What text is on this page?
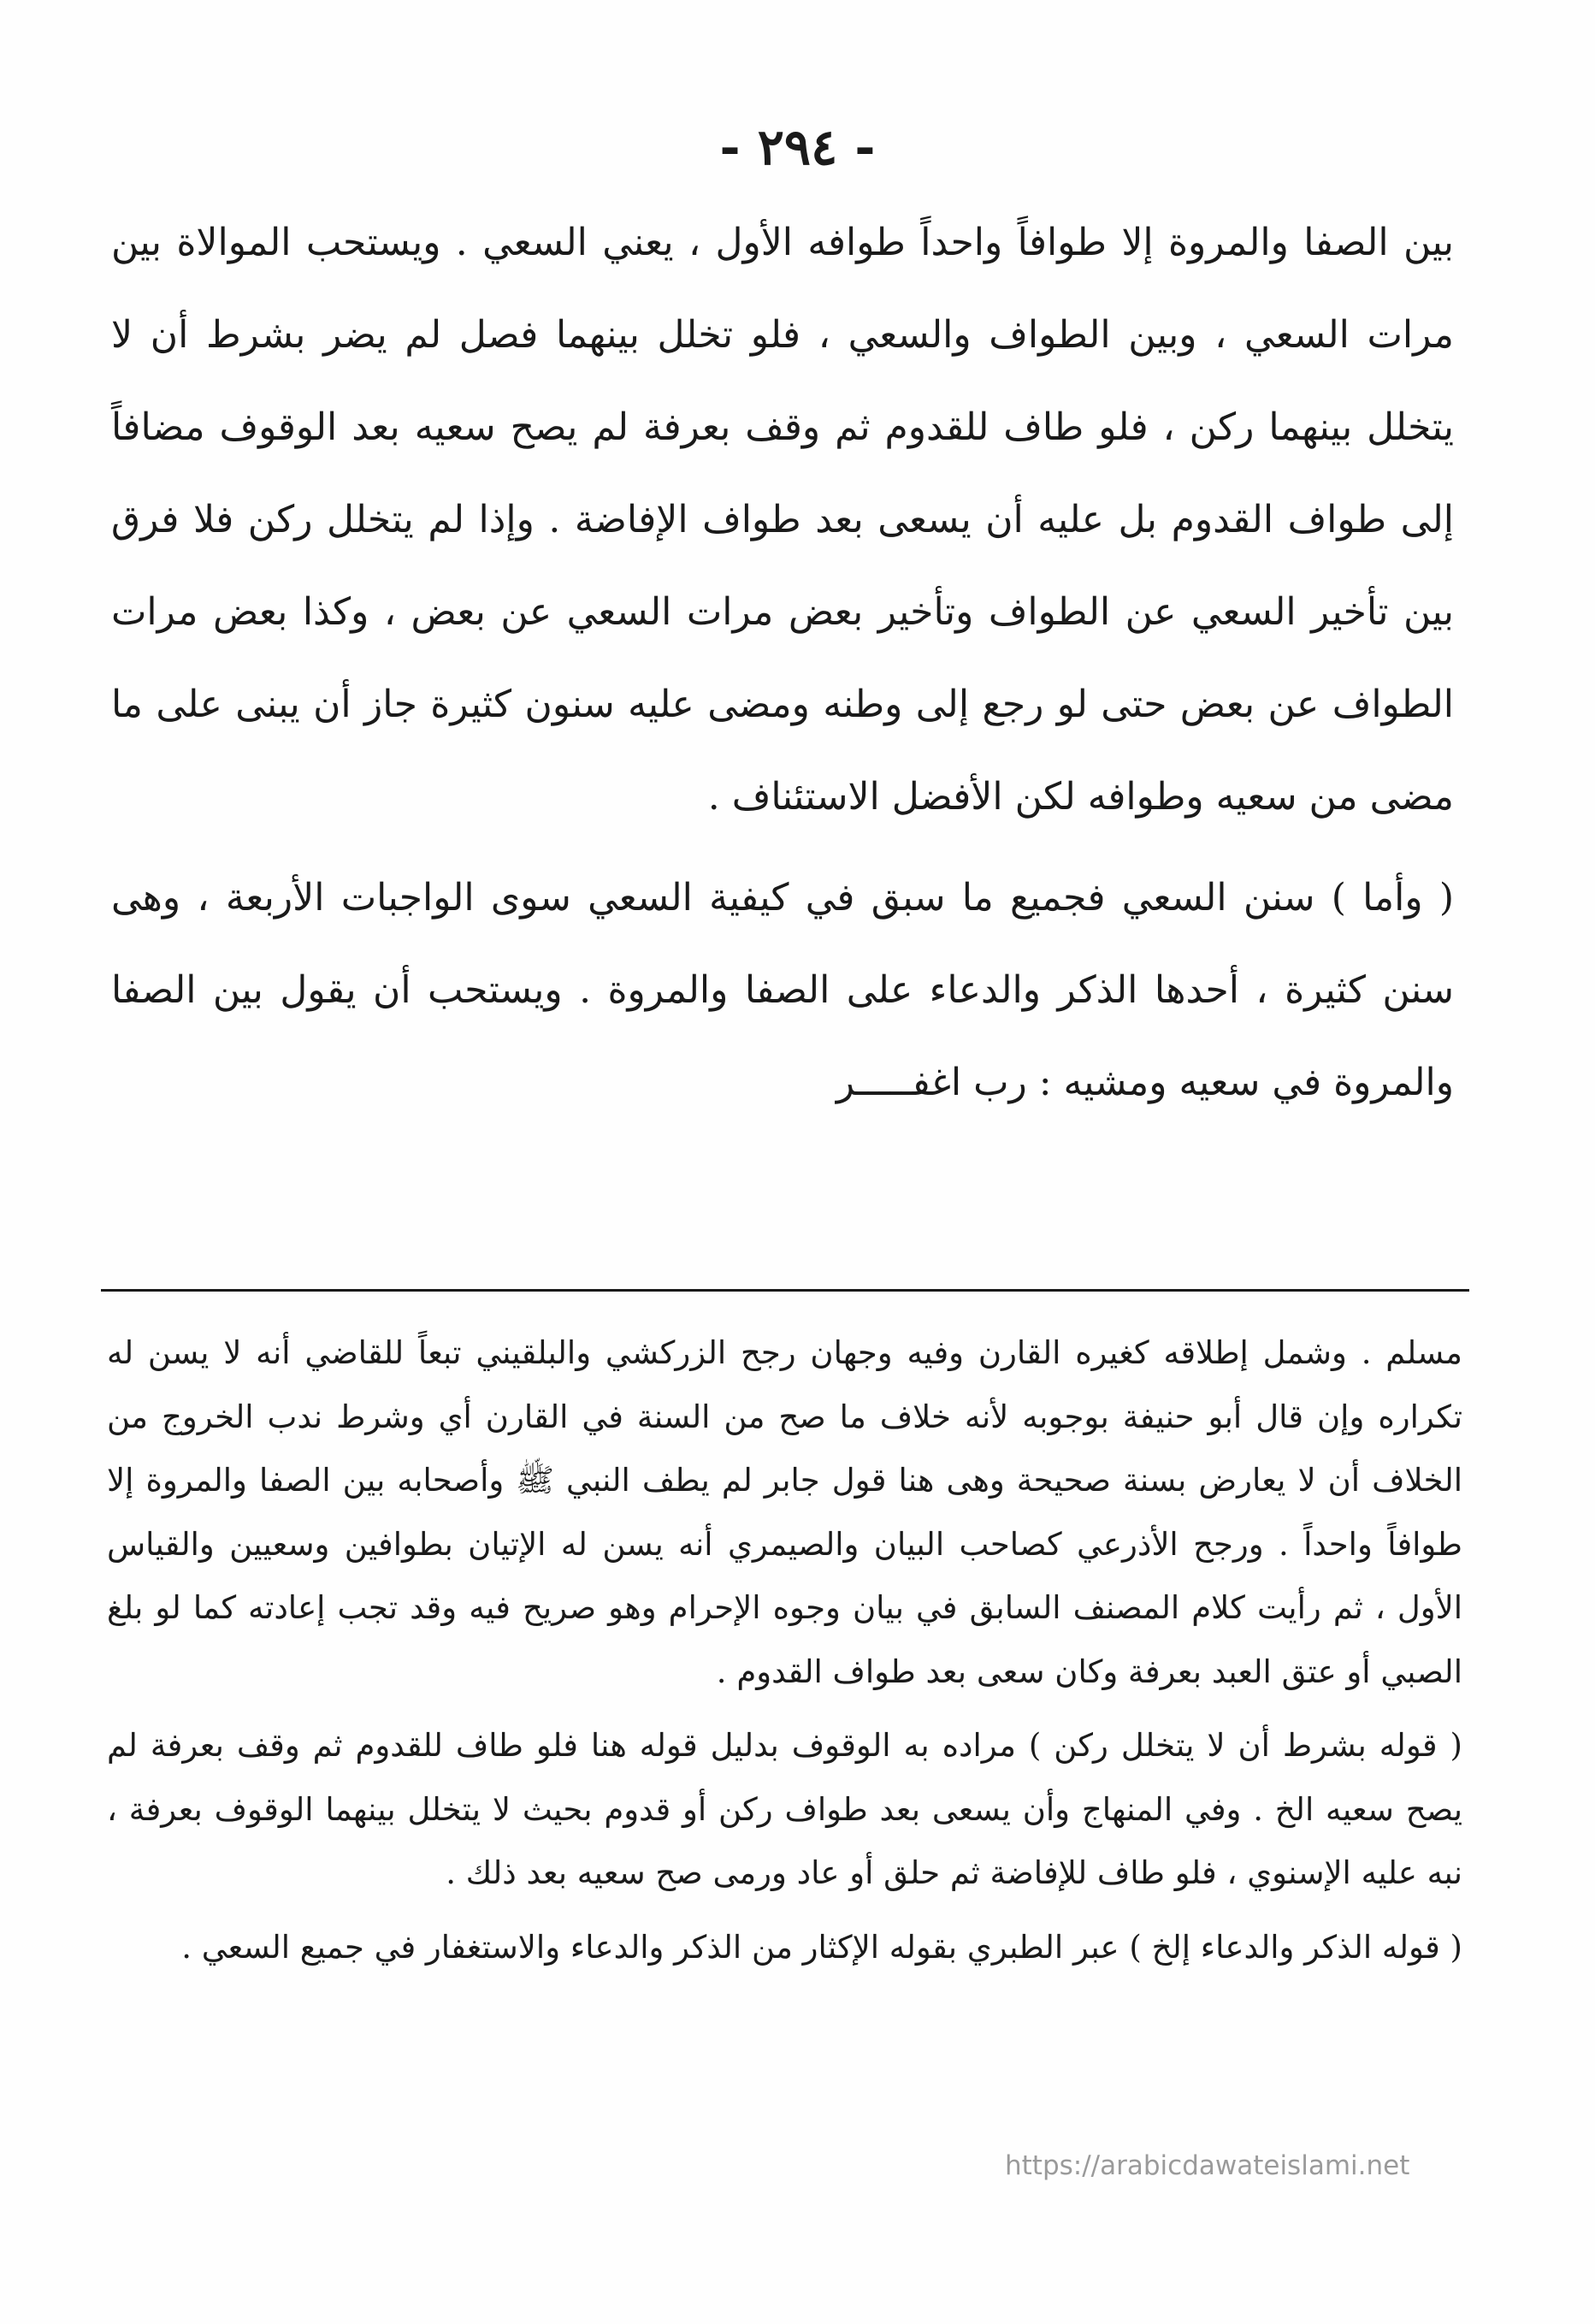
- ٢٩٤ -

بين الصفا والمروة إلا طوافاً واحداً طوافه الأول ، يعني السعي . ويستحب الموالاة بين مرات السعي ، وبين الطواف والسعي ، فلو تخلل بينهما فصل لم يضر بشرط أن لا يتخلل بينهما ركن ، فلو طاف للقدوم ثم وقف بعرفة لم يصح سعيه بعد الوقوف مضافاً إلى طواف القدوم بل عليه أن يسعى بعد طواف الإفاضة . وإذا لم يتخلل ركن فلا فرق بين تأخير السعي عن الطواف وتأخير بعض مرات السعي عن بعض ، وكذا بعض مرات الطواف عن بعض حتى لو رجع إلى وطنه ومضى عليه سنون كثيرة جاز أن يبنى على ما مضى من سعيه وطوافه لكن الأفضل الاستئناف .

( وأما ) سنن السعي فجميع ما سبق في كيفية السعي سوى الواجبات الأربعة ، وهى سنن كثيرة ، أحدها الذكر والدعاء على الصفا والمروة . ويستحب أن يقول بين الصفا والمروة في سعيه ومشيه : رب اغفـــــر

مسلم . وشمل إطلاقه كغيره القارن وفيه وجهان رجح الزركشي والبلقيني تبعاً للقاضي أنه لا يسن له تكراره وإن قال أبو حنيفة بوجوبه لأنه خلاف ما صح من السنة في القارن أي وشرط ندب الخروج من الخلاف أن لا يعارض بسنة صحيحة وهى هنا قول جابر لم يطف النبي ﷺ وأصحابه بين الصفا والمروة إلا طوافاً واحداً . ورجح الأذرعي كصاحب البيان والصيمري أنه يسن له الإتيان بطوافين وسعيين والقياس الأول ، ثم رأيت كلام المصنف السابق في بيان وجوه الإحرام وهو صريح فيه وقد تجب إعادته كما لو بلغ الصبي أو عتق العبد بعرفة وكان سعى بعد طواف القدوم .

( قوله بشرط أن لا يتخلل ركن ) مراده به الوقوف بدليل قوله هنا فلو طاف للقدوم ثم وقف بعرفة لم يصح سعيه الخ . وفي المنهاج وأن يسعى بعد طواف ركن أو قدوم بحيث لا يتخلل بينهما الوقوف بعرفة ، نبه عليه الإسنوي ، فلو طاف للإفاضة ثم حلق أو عاد ورمى صح سعيه بعد ذلك .

( قوله الذكر والدعاء إلخ ) عبر الطبري بقوله الإكثار من الذكر والدعاء والاستغفار في جميع السعي .

https://arabicdawateislami.net
